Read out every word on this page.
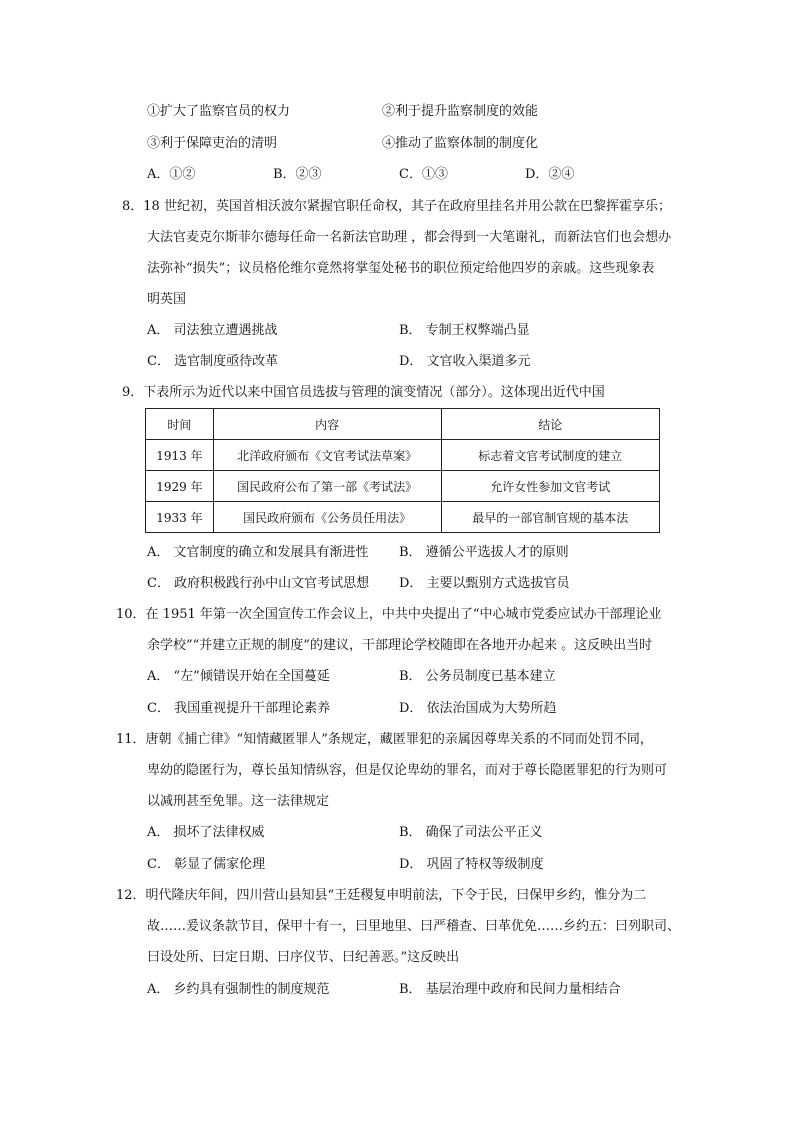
①扩大了监察官员的权力	②利于提升监察制度的效能
③利于保障吏治的清明	④推动了监察体制的制度化
A．①②	B．②③	C．①③	D．②④
8．18 世纪初，英国首相沃波尔紧握官职任命权，其子在政府里挂名并用公款在巴黎挥霍享乐；
大法官麦克尔斯菲尔德每任命一名新法官助理 ，都会得到一大笔谢礼，而新法官们也会想办
法弥补“损失”；议员格伦维尔竟然将掌玺处秘书的职位预定给他四岁的亲戚。这些现象表
明英国
A． 司法独立遭遇挑战	B． 专制王权弊端凸显
C． 选官制度亟待改革	D． 文官收入渠道多元
9．下表所示为近代以来中国官员选拔与管理的演变情况（部分）。这体现出近代中国
时间	内容	结论
1913 年	北洋政府颁布《文官考试法草案》	标志着文官考试制度的建立
1929 年	国民政府公布了第一部《考试法》	允许女性参加文官考试
1933 年	国民政府颁布《公务员任用法》	最早的一部官制官规的基本法
A． 文官制度的确立和发展具有渐进性 B． 遵循公平选拔人才的原则
C． 政府积极践行孙中山文官考试思想 D． 主要以甄别方式选拔官员
10．在 1951 年第一次全国宣传工作会议上，中共中央提出了“中心城市党委应试办干部理论业
余学校”“并建立正规的制度”的建议，干部理论学校随即在各地开办起来 。这反映出当时
A． “左”倾错误开始在全国蔓延	B． 公务员制度已基本建立
C． 我国重视提升干部理论素养	D． 依法治国成为大势所趋
11．唐朝《捕亡律》“知情藏匿罪人”条规定，藏匿罪犯的亲属因尊卑关系的不同而处罚不同，
卑幼的隐匿行为，尊长虽知情纵容，但是仅论卑幼的罪名，而对于尊长隐匿罪犯的行为则可
以减刑甚至免罪。这一法律规定
A． 损坏了法律权威	B． 确保了司法公平正义
C． 彰显了儒家伦理	D． 巩固了特权等级制度
12．明代隆庆年间，四川营山县知县“王廷稷复申明前法，下令于民，曰保甲乡约，惟分为二
故……爰议条款节目，保甲十有一，曰里地里、曰严稽查、曰革优免……乡约五：曰列职司、
曰设处所、曰定日期、曰序仪节、曰纪善恶。”这反映出
A． 乡约具有强制性的制度规范	B． 基层治理中政府和民间力量相结合
